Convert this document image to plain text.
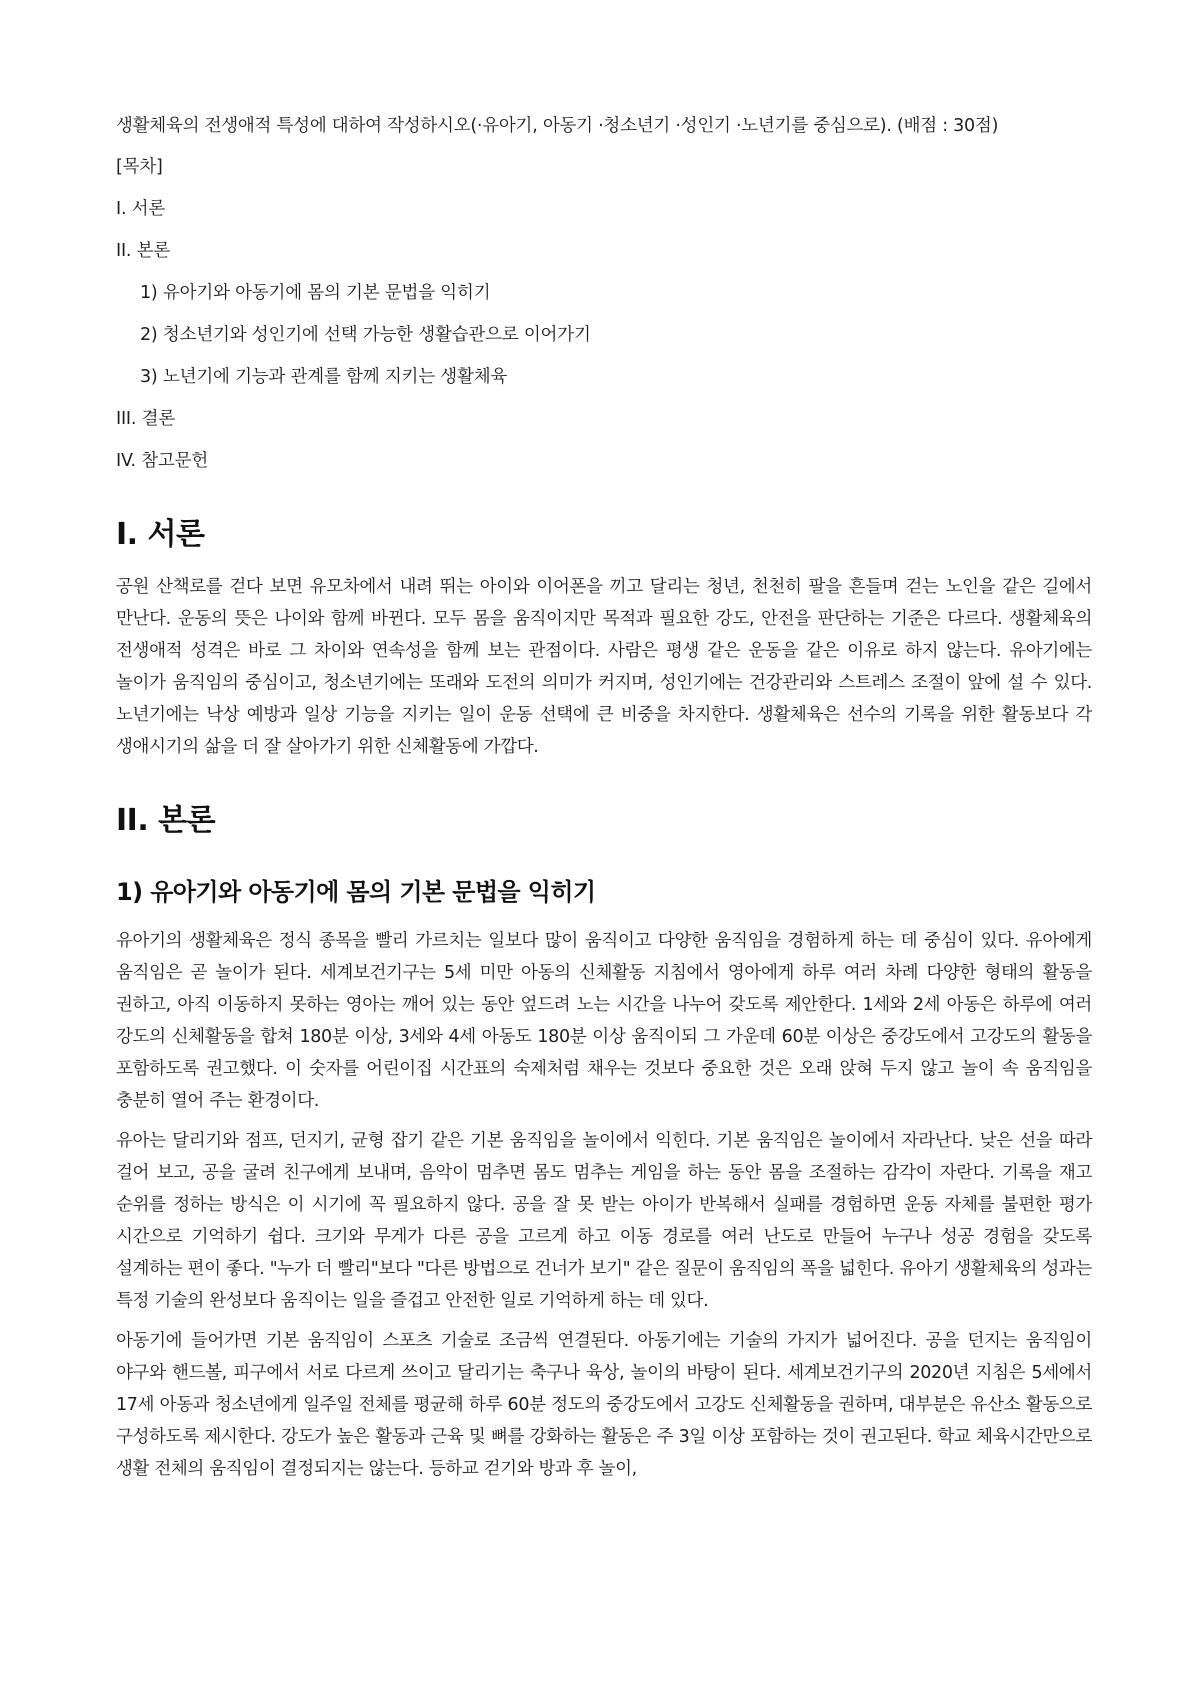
생활체육의 전생애적 특성에 대하여 작성하시오(·유아기, 아동기 ·청소년기 ·성인기 ·노년기를 중심으로). (배점 : 30점)

[목차]
I. 서론
II. 본론
1) 유아기와 아동기에 몸의 기본 문법을 익히기
2) 청소년기와 성인기에 선택 가능한 생활습관으로 이어가기
3) 노년기에 기능과 관계를 함께 지키는 생활체육
III. 결론
IV. 참고문헌
I. 서론

공원 산책로를 걷다 보면 유모차에서 내려 뛰는 아이와 이어폰을 끼고 달리는 청년, 천천히 팔을 흔들며 걷는 노인을 같은 길에서 만난다. 운동의 뜻은 나이와 함께 바뀐다. 모두 몸을 움직이지만 목적과 필요한 강도, 안전을 판단하는 기준은 다르다. 생활체육의 전생애적 성격은 바로 그 차이와 연속성을 함께 보는 관점이다. 사람은 평생 같은 운동을 같은 이유로 하지 않는다. 유아기에는 놀이가 움직임의 중심이고, 청소년기에는 또래와 도전의 의미가 커지며, 성인기에는 건강관리와 스트레스 조절이 앞에 설 수 있다. 노년기에는 낙상 예방과 일상 기능을 지키는 일이 운동 선택에 큰 비중을 차지한다. 생활체육은 선수의 기록을 위한 활동보다 각 생애시기의 삶을 더 잘 살아가기 위한 신체활동에 가깝다.

II. 본론
1) 유아기와 아동기에 몸의 기본 문법을 익히기

유아기의 생활체육은 정식 종목을 빨리 가르치는 일보다 많이 움직이고 다양한 움직임을 경험하게 하는 데 중심이 있다. 유아에게 움직임은 곧 놀이가 된다. 세계보건기구는 5세 미만 아동의 신체활동 지침에서 영아에게 하루 여러 차례 다양한 형태의 활동을 권하고, 아직 이동하지 못하는 영아는 깨어 있는 동안 엎드려 노는 시간을 나누어 갖도록 제안한다. 1세와 2세 아동은 하루에 여러 강도의 신체활동을 합쳐 180분 이상, 3세와 4세 아동도 180분 이상 움직이되 그 가운데 60분 이상은 중강도에서 고강도의 활동을 포함하도록 권고했다. 이 숫자를 어린이집 시간표의 숙제처럼 채우는 것보다 중요한 것은 오래 앉혀 두지 않고 놀이 속 움직임을 충분히 열어 주는 환경이다.

유아는 달리기와 점프, 던지기, 균형 잡기 같은 기본 움직임을 놀이에서 익힌다. 기본 움직임은 놀이에서 자라난다. 낮은 선을 따라 걸어 보고, 공을 굴려 친구에게 보내며, 음악이 멈추면 몸도 멈추는 게임을 하는 동안 몸을 조절하는 감각이 자란다. 기록을 재고 순위를 정하는 방식은 이 시기에 꼭 필요하지 않다. 공을 잘 못 받는 아이가 반복해서 실패를 경험하면 운동 자체를 불편한 평가 시간으로 기억하기 쉽다. 크기와 무게가 다른 공을 고르게 하고 이동 경로를 여러 난도로 만들어 누구나 성공 경험을 갖도록 설계하는 편이 좋다. "누가 더 빨리"보다 "다른 방법으로 건너가 보기" 같은 질문이 움직임의 폭을 넓힌다. 유아기 생활체육의 성과는 특정 기술의 완성보다 움직이는 일을 즐겁고 안전한 일로 기억하게 하는 데 있다.

아동기에 들어가면 기본 움직임이 스포츠 기술로 조금씩 연결된다. 아동기에는 기술의 가지가 넓어진다. 공을 던지는 움직임이 야구와 핸드볼, 피구에서 서로 다르게 쓰이고 달리기는 축구나 육상, 놀이의 바탕이 된다. 세계보건기구의 2020년 지침은 5세에서 17세 아동과 청소년에게 일주일 전체를 평균해 하루 60분 정도의 중강도에서 고강도 신체활동을 권하며, 대부분은 유산소 활동으로 구성하도록 제시한다. 강도가 높은 활동과 근육 및 뼈를 강화하는 활동은 주 3일 이상 포함하는 것이 권고된다. 학교 체육시간만으로 생활 전체의 움직임이 결정되지는 않는다. 등하교 걷기와 방과 후 놀이,
